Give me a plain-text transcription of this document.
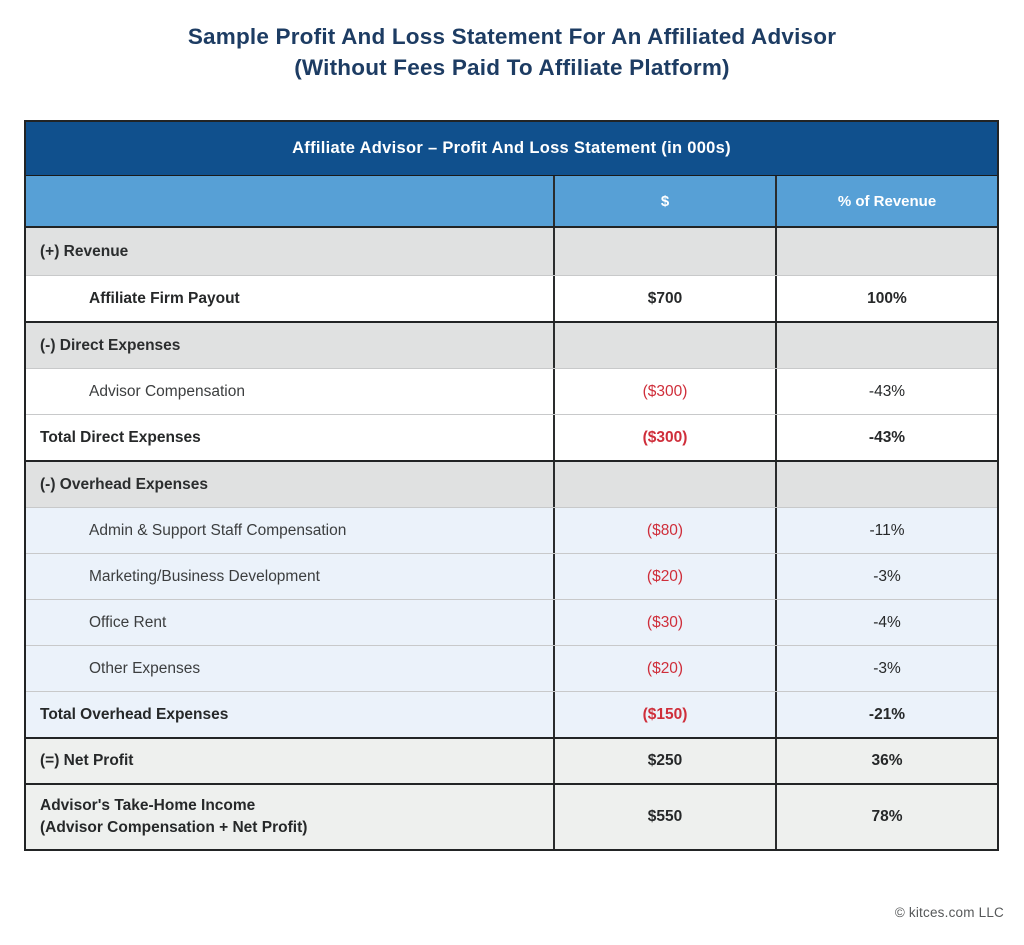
Sample Profit And Loss Statement For An Affiliated Advisor
(Without Fees Paid To Affiliate Platform)
Affiliate Advisor – Profit And Loss Statement (in 000s)
$	% of Revenue
(+) Revenue
Affiliate Firm Payout	$700	100%
(-) Direct Expenses
Advisor Compensation	($300)	-43%
Total Direct Expenses	($300)	-43%
(-) Overhead Expenses
Admin & Support Staff Compensation	($80)	-11%
Marketing/Business Development	($20)	-3%
Office Rent	($30)	-4%
Other Expenses	($20)	-3%
Total Overhead Expenses	($150)	-21%
(=) Net Profit	$250	36%
Advisor's Take-Home Income
(Advisor Compensation + Net Profit)
$550	78%
© kitces.com LLC
